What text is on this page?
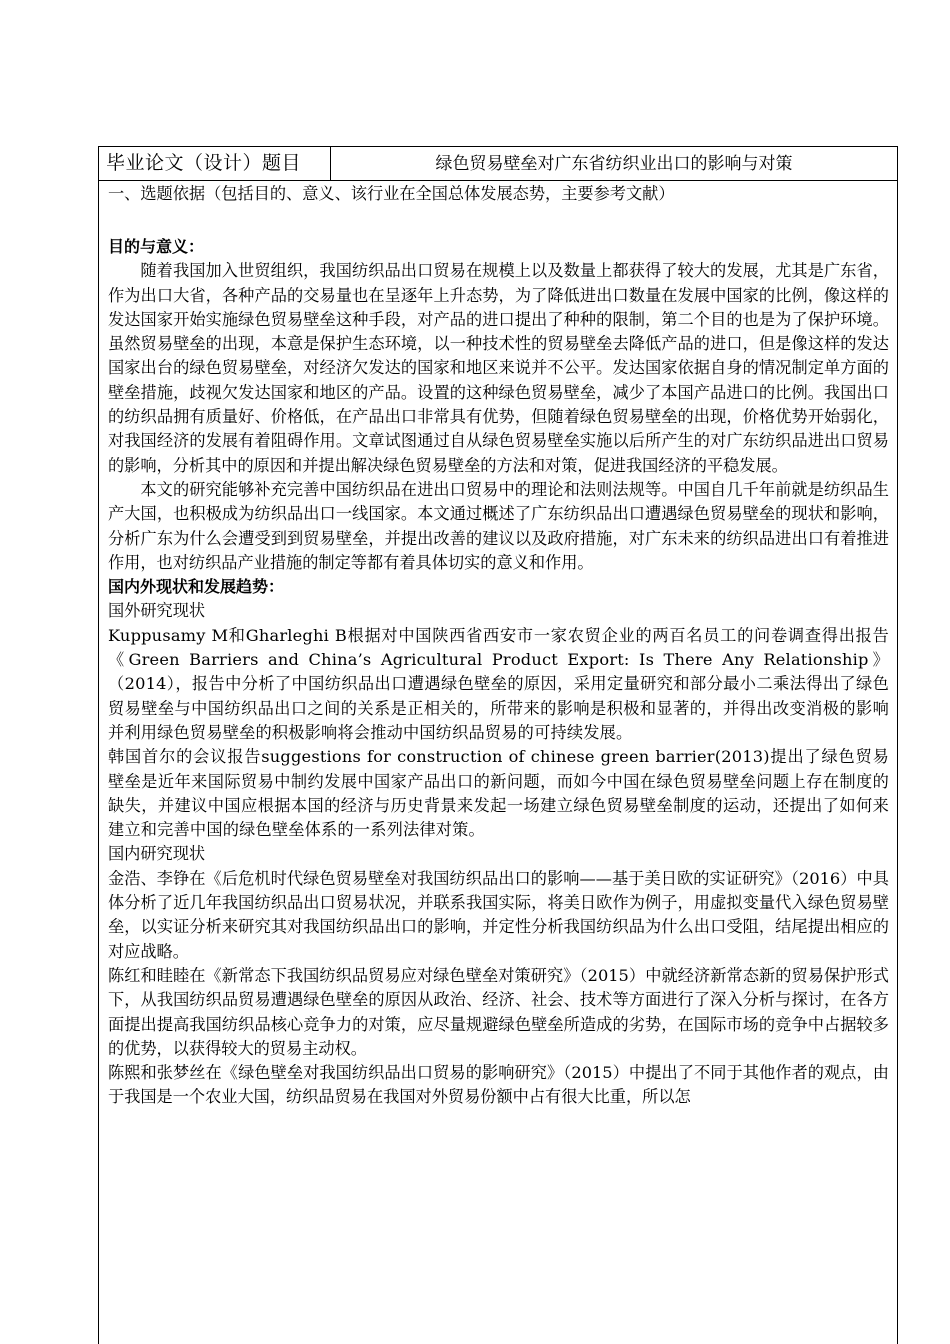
毕业论文（设计）题目	绿色贸易壁垒对广东省纺织业出口的影响与对策

一、选题依据（包括目的、意义、该行业在全国总体发展态势，主要参考文献）

目的与意义：

随着我国加入世贸组织，我国纺织品出口贸易在规模上以及数量上都获得了较大的发展，尤其是广东省，作为出口大省，各种产品的交易量也在呈逐年上升态势，为了降低进出口数量在发展中国家的比例，像这样的发达国家开始实施绿色贸易壁垒这种手段，对产品的进口提出了种种的限制，第二个目的也是为了保护环境。虽然贸易壁垒的出现，本意是保护生态环境，以一种技术性的贸易壁垒去降低产品的进口，但是像这样的发达国家出台的绿色贸易壁垒，对经济欠发达的国家和地区来说并不公平。发达国家依据自身的情况制定单方面的壁垒措施，歧视欠发达国家和地区的产品。设置的这种绿色贸易壁垒，减少了本国产品进口的比例。我国出口的纺织品拥有质量好、价格低，在产品出口非常具有优势，但随着绿色贸易壁垒的出现，价格优势开始弱化，对我国经济的发展有着阻碍作用。文章试图通过自从绿色贸易壁垒实施以后所产生的对广东纺织品进出口贸易的影响，分析其中的原因和并提出解决绿色贸易壁垒的方法和对策，促进我国经济的平稳发展。

本文的研究能够补充完善中国纺织品在进出口贸易中的理论和法则法规等。中国自几千年前就是纺织品生产大国，也积极成为纺织品出口一线国家。本文通过概述了广东纺织品出口遭遇绿色贸易壁垒的现状和影响，分析广东为什么会遭受到到贸易壁垒，并提出改善的建议以及政府措施，对广东未来的纺织品进出口有着推进作用，也对纺织品产业措施的制定等都有着具体切实的意义和作用。

国内外现状和发展趋势：

国外研究现状

Kuppusamy M和Gharleghi B根据对中国陕西省西安市一家农贸企业的两百名员工的问卷调查得出报告《Green Barriers and China’s Agricultural Product Export: Is There Any Relationship》（2014），报告中分析了中国纺织品出口遭遇绿色壁垒的原因，采用定量研究和部分最小二乘法得出了绿色贸易壁垒与中国纺织品出口之间的关系是正相关的，所带来的影响是积极和显著的，并得出改变消极的影响并利用绿色贸易壁垒的积极影响将会推动中国纺织品贸易的可持续发展。

韩国首尔的会议报告suggestions for construction of chinese green barrier(2013)提出了绿色贸易壁垒是近年来国际贸易中制约发展中国家产品出口的新问题，而如今中国在绿色贸易壁垒问题上存在制度的缺失，并建议中国应根据本国的经济与历史背景来发起一场建立绿色贸易壁垒制度的运动，还提出了如何来建立和完善中国的绿色壁垒体系的一系列法律对策。

国内研究现状

金浩、李铮在《后危机时代绿色贸易壁垒对我国纺织品出口的影响——基于美日欧的实证研究》（2016）中具体分析了近几年我国纺织品出口贸易状况，并联系我国实际，将美日欧作为例子，用虚拟变量代入绿色贸易壁垒，以实证分析来研究其对我国纺织品出口的影响，并定性分析我国纺织品为什么出口受阻，结尾提出相应的对应战略。

陈红和眭睦在《新常态下我国纺织品贸易应对绿色壁垒对策研究》（2015）中就经济新常态新的贸易保护形式下，从我国纺织品贸易遭遇绿色壁垒的原因从政治、经济、社会、技术等方面进行了深入分析与探讨，在各方面提出提高我国纺织品核心竞争力的对策，应尽量规避绿色壁垒所造成的劣势，在国际市场的竞争中占据较多的优势，以获得较大的贸易主动权。

陈熙和张梦丝在《绿色壁垒对我国纺织品出口贸易的影响研究》（2015）中提出了不同于其他作者的观点，由于我国是一个农业大国，纺织品贸易在我国对外贸易份额中占有很大比重，所以怎
